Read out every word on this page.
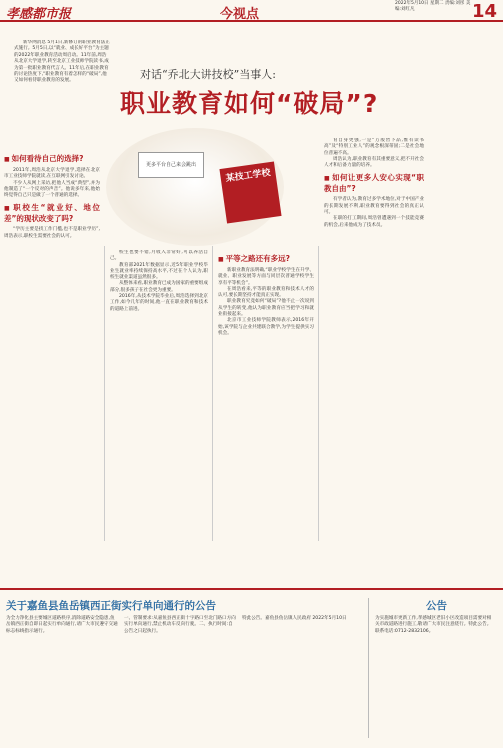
孝感都市报	今视点
2022年5月10日 星期二 责编:刘彤 美编:刘红凡	14
新华网消息 5月1日,新修订的职业教育法正式施行。5月5日,以“就业、成长好平台”为主题的2022年职业教育活动周启动。11年前,周浩从北京大学退学,转至北京工业技师学院读书,成为第一批职业教育代言人。11年后,在职业教育的讨论热度下,“职业教育有着怎样的“破局”,他又如何看待职业教育的发展。	对话“乔北大讲技校”当事人:
职业教育如何“破局”?
更多平台自己来会跳出
某技工学校
■ 如何看待自己的选择?

2011年,周浩从北京大学退学,选择在北京市工业技师学院就读,在互联网引发讨论。

不少人从网上采访,把他人当成“典型”,并为他制造了“一个反对的声音”。他说多年来,他始终觉得自己只是做了一个普通的选择。

■ 职校生“就业好、地位差”的现状改变了吗?

“学历主要是找工作门槛,也不是职业学历”,周浩表示,职校生需要社会的认可。

校生也要不错,月收入非常好,可以养活自己。

教育部2021年数据显示,近5年职业学校毕业生就业率持续保持高水平,不过在个人认为,职校生就业渠道虽然很多。

从整体来看,职业教育已成为国家的重要组成部分,很多孩子在社会更为重要。

2016年,从技术学院毕业后,周浩选择到北京工作,如今几年的时间,他一直在职业教育和技术的道路上前进。

■ 平等之路还有多远?

新职业教育法明确,“职业学校学生在升学、就业、职业发展等方面与同层次普通学校学生享有平等机会”。

在周浩看来,平等的职业教育和技术人才的认可,要长期坚持才能真正实现。

职业教育究竟如何“破局”?他不止一次说到从学生的转变,他认为职业教育应当把学习和就业衔接起来。

北京市工业技师学院教师表示,2016年开始,该学院与企业共建联合教学,为学生提供实习机会。

育自身更强,一是“万般皆下品,惟有读书高”及“特别工业人”的观念根深蒂固;二是社会地位普遍不高。

周浩认为,职业教育有其重要意义,把不开社会人才和后备力量的培养。

■ 如何让更多人安心实现“职教自由”?

有学者认为,教育过多学术地位,对于中国产业的长期发展不利,职业教育要得到社会的真正认可。

在职的打工期间,周浩曾遭遇到一个技能竞赛的机会,后来他成为了技术员。

关于嘉鱼县鱼岳镇西正街实行单向通行的公告
为全力净化县主要城区道路秩序,消除道路安全隐患,鱼岳镇西正街自即日起实行单向通行,请广大市民遵守交通标志标线指示通行。
一、管制要求:从嘉鱼县西正街十字路口至北门路口方向实行单向通行,禁止机动车反向行驶。二、执行时间:自公告之日起执行。
特此公告。嘉鱼县鱼岳镇人民政府 2022年5月10日
公告
为实施城市更新工作,孝感城区老旧小区改造项目需要对相关市政道路进行施工,敬请广大市民注意绕行。特此公告。联系电话:0712-2832106。
